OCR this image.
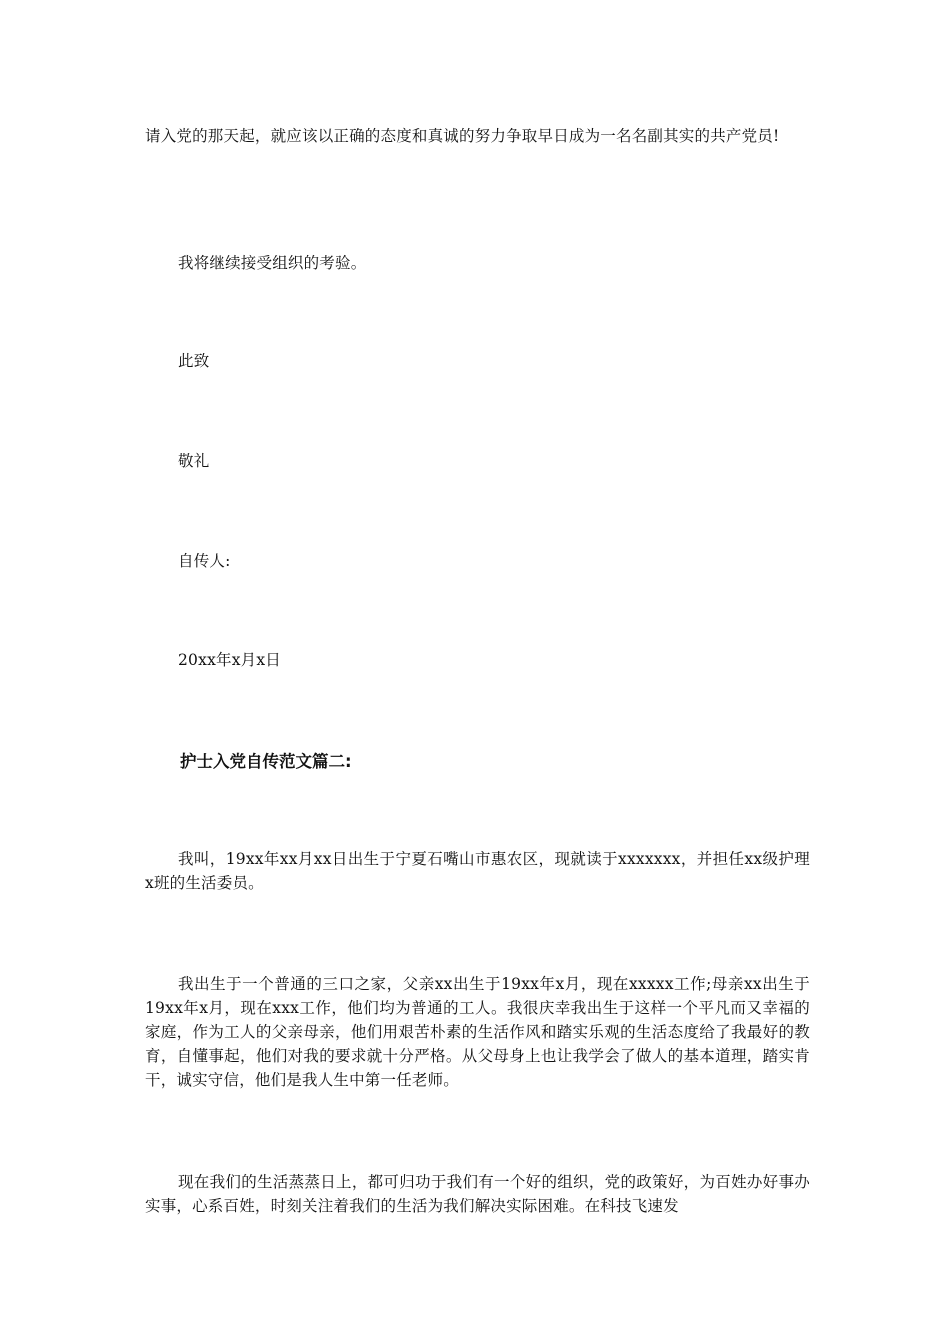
请入党的那天起，就应该以正确的态度和真诚的努力争取早日成为一名名副其实的共产党员!

我将继续接受组织的考验。

此致

敬礼

自传人:

20xx年x月x日

护士入党自传范文篇二:

我叫，19xx年xx月xx日出生于宁夏石嘴山市惠农区，现就读于xxxxxxx，并担任xx级护理x班的生活委员。

我出生于一个普通的三口之家，父亲xx出生于19xx年x月，现在xxxxx工作;母亲xx出生于19xx年x月，现在xxx工作，他们均为普通的工人。我很庆幸我出生于这样一个平凡而又幸福的家庭，作为工人的父亲母亲，他们用艰苦朴素的生活作风和踏实乐观的生活态度给了我最好的教育，自懂事起，他们对我的要求就十分严格。从父母身上也让我学会了做人的基本道理，踏实肯干，诚实守信，他们是我人生中第一任老师。

现在我们的生活蒸蒸日上，都可归功于我们有一个好的组织，党的政策好，为百姓办好事办实事，心系百姓，时刻关注着我们的生活为我们解决实际困难。在科技飞速发
